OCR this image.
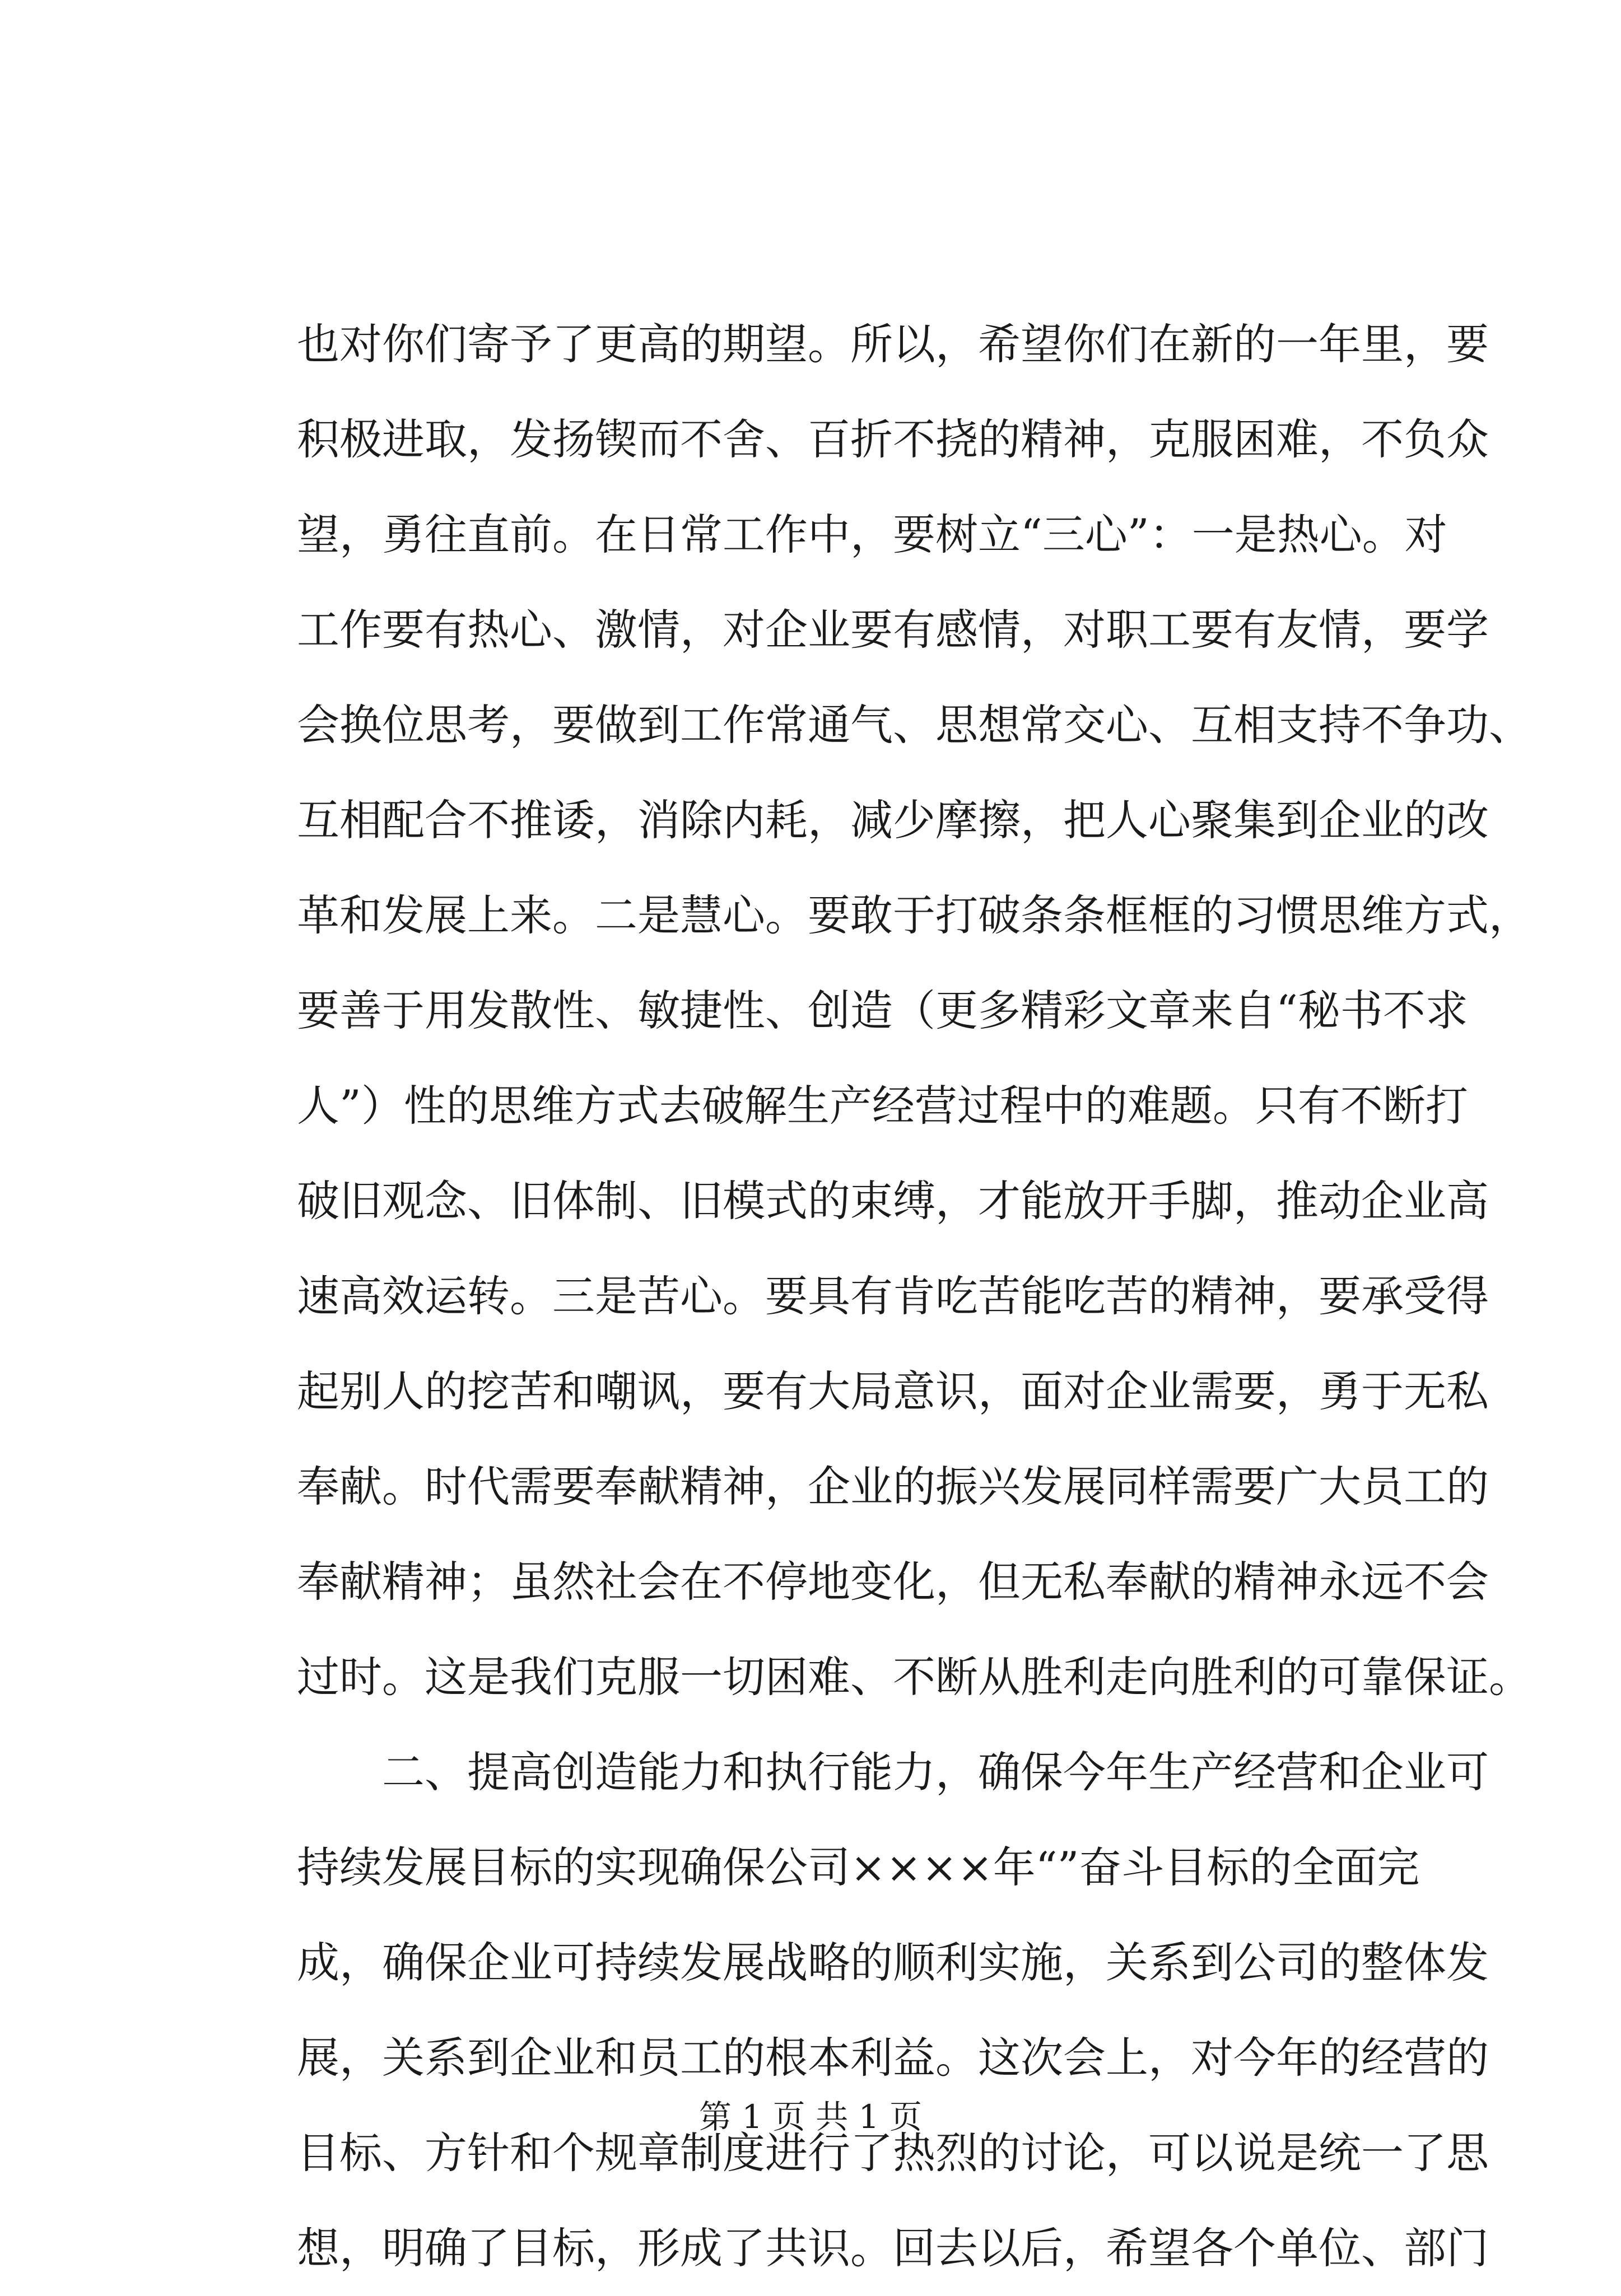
也对你们寄予了更高的期望。所以，希望你们在新的一年里，要
积极进取，发扬锲而不舍、百折不挠的精神，克服困难，不负众
望，勇往直前。在日常工作中，要树立“三心”：一是热心。对
工作要有热心、激情，对企业要有感情，对职工要有友情，要学
会换位思考，要做到工作常通气、思想常交心、互相支持不争功、
互相配合不推诿，消除内耗，减少摩擦，把人心聚集到企业的改
革和发展上来。二是慧心。要敢于打破条条框框的习惯思维方式，
要善于用发散性、敏捷性、创造（更多精彩文章来自“秘书不求
人”）性的思维方式去破解生产经营过程中的难题。只有不断打
破旧观念、旧体制、旧模式的束缚，才能放开手脚，推动企业高
速高效运转。三是苦心。要具有肯吃苦能吃苦的精神，要承受得
起别人的挖苦和嘲讽，要有大局意识，面对企业需要，勇于无私
奉献。时代需要奉献精神，企业的振兴发展同样需要广大员工的
奉献精神；虽然社会在不停地变化，但无私奉献的精神永远不会
过时。这是我们克服一切困难、不断从胜利走向胜利的可靠保证。
二、提高创造能力和执行能力，确保今年生产经营和企业可
持续发展目标的实现确保公司××××年“”奋斗目标的全面完
成，确保企业可持续发展战略的顺利实施，关系到公司的整体发
展，关系到企业和员工的根本利益。这次会上，对今年的经营的
目标、方针和个规章制度进行了热烈的讨论，可以说是统一了思
想，明确了目标，形成了共识。回去以后，希望各个单位、部门
第 1 页 共 1 页
